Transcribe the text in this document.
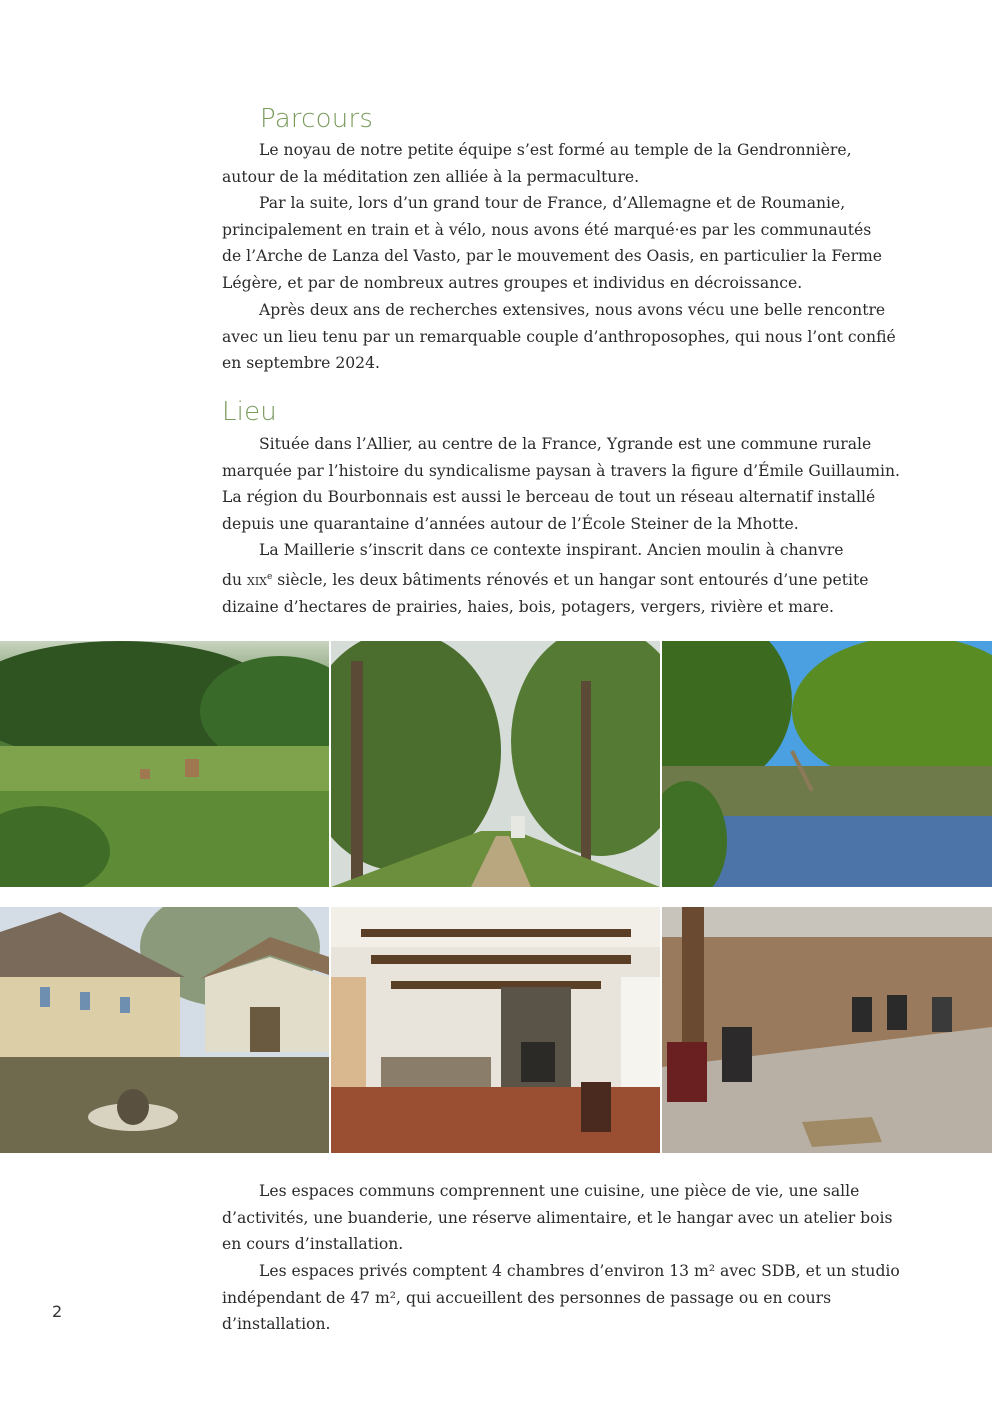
Parcours

Le noyau de notre petite équipe s’est formé au temple de la Gendronnière,
autour de la méditation zen alliée à la permaculture.

Par la suite, lors d’un grand tour de France, d’Allemagne et de Roumanie,
principalement en train et à vélo, nous avons été marqué·es par les communautés
de l’Arche de Lanza del Vasto, par le mouvement des Oasis, en particulier la Ferme
Légère, et par de nombreux autres groupes et individus en décroissance.

Après deux ans de recherches extensives, nous avons vécu une belle rencontre
avec un lieu tenu par un remarquable couple d’anthroposophes, qui nous l’ont confié
en septembre 2024.

Lieu

Située dans l’Allier, au centre de la France, Ygrande est une commune rurale
marquée par l’histoire du syndicalisme paysan à travers la figure d’Émile Guillaumin.
La région du Bourbonnais est aussi le berceau de tout un réseau alternatif installé
depuis une quarantaine d’années autour de l’École Steiner de la Mhotte.

La Maillerie s’inscrit dans ce contexte inspirant. Ancien moulin à chanvre
du xix$^e$ siècle, les deux bâtiments rénovés et un hangar sont entourés d’une petite
dizaine d’hectares de prairies, haies, bois, potagers, vergers, rivière et mare.

Les espaces communs comprennent une cuisine, une pièce de vie, une salle
d’activités, une buanderie, une réserve alimentaire, et le hangar avec un atelier bois
en cours d’installation.

Les espaces privés comptent 4 chambres d’environ 13 m² avec SDB, et un studio
indépendant de 47 m², qui accueillent des personnes de passage ou en cours
d’installation.

2
